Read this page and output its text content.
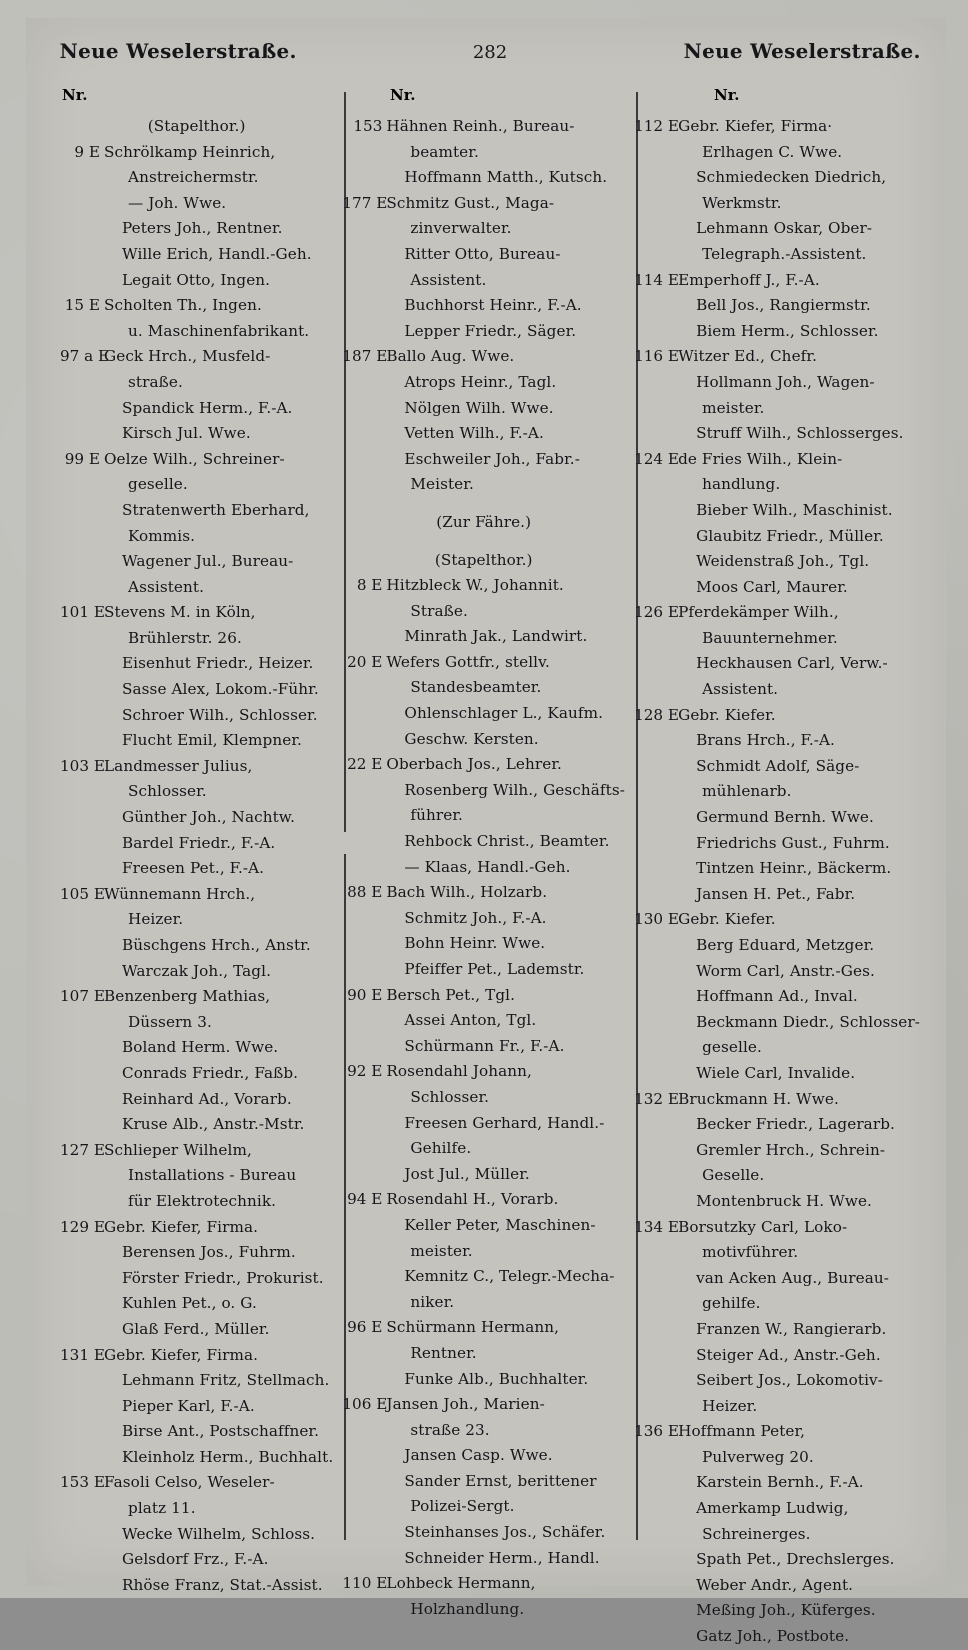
Neue Weselerstraße.	282	Neue Weselerstraße.
Nr.	Nr.	Nr.
(Stapelthor.)
9 E Schrölkamp Heinrich,
Anstreichermstr.
— Joh. Wwe.
Peters Joh., Rentner.
Wille Erich, Handl.-Geh.
Legait Otto, Ingen.
15 E Scholten Th., Ingen.
u. Maschinenfabrikant.
97 a E
Geck Hrch., Musfeld-
straße.
Spandick Herm., F.-A.
Kirsch Jul. Wwe.
99 E Oelze Wilh., Schreiner-
geselle.
Stratenwerth Eberhard,
Kommis.
Wagener Jul., Bureau-
Assistent.
101 E Stevens M. in Köln,
Brühlerstr. 26.
Eisenhut Friedr., Heizer.
Sasse Alex, Lokom.-Führ.
Schroer Wilh., Schlosser.
Flucht Emil, Klempner.
103 E Landmesser Julius,
Schlosser.
Günther Joh., Nachtw.
Bardel Friedr., F.-A.
Freesen Pet., F.-A.
105 E Wünnemann Hrch.,
Heizer.
Büschgens Hrch., Anstr.
Warczak Joh., Tagl.
107 E Benzenberg Mathias,
Düssern 3.
Boland Herm. Wwe.
Conrads Friedr., Faßb.
Reinhard Ad., Vorarb.
Kruse Alb., Anstr.-Mstr.
127 E Schlieper Wilhelm,
Installations - Bureau
für Elektrotechnik.
129 E Gebr. Kiefer, Firma.
Berensen Jos., Fuhrm.
Förster Friedr., Prokurist.
Kuhlen Pet., o. G.
Glaß Ferd., Müller.
131 E Gebr. Kiefer, Firma.
Lehmann Fritz, Stellmach.
Pieper Karl, F.-A.
Birse Ant., Postschaffner.
Kleinholz Herm., Buchhalt.
153 E Fasoli Celso, Weseler-
platz 11.
Wecke Wilhelm, Schloss.
Gelsdorf Frz., F.-A.
Rhöse Franz, Stat.-Assist.
153 Hähnen Reinh., Bureau-
beamter.
Hoffmann Matth., Kutsch.
177 E Schmitz Gust., Maga-
zinverwalter.
Ritter Otto, Bureau-
Assistent.
Buchhorst Heinr., F.-A.
Lepper Friedr., Säger.
187 E Ballo Aug. Wwe.
Atrops Heinr., Tagl.
Nölgen Wilh. Wwe.
Vetten Wilh., F.-A.
Eschweiler Joh., Fabr.-
Meister.
(Zur Fähre.)
(Stapelthor.)
8 E Hitzbleck W., Johannit.
Straße.
Minrath Jak., Landwirt.
20 E Wefers Gottfr., stellv.
Standesbeamter.
Ohlenschlager L., Kaufm.
Geschw. Kersten.
22 E Oberbach Jos., Lehrer.
Rosenberg Wilh., Geschäfts-
führer.
Rehbock Christ., Beamter.
— Klaas, Handl.-Geh.
88 E Bach Wilh., Holzarb.
Schmitz Joh., F.-A.
Bohn Heinr. Wwe.
Pfeiffer Pet., Lademstr.
90 E Bersch Pet., Tgl.
Assei Anton, Tgl.
Schürmann Fr., F.-A.
92 E Rosendahl Johann,
Schlosser.
Freesen Gerhard, Handl.-
Gehilfe.
Jost Jul., Müller.
94 E Rosendahl H., Vorarb.
Keller Peter, Maschinen-
meister.
Kemnitz C., Telegr.-Mecha-
niker.
96 E Schürmann Hermann,
Rentner.
Funke Alb., Buchhalter.
106 E Jansen Joh., Marien-
straße 23.
Jansen Casp. Wwe.
Sander Ernst, berittener
Polizei-Sergt.
Steinhanses Jos., Schäfer.
Schneider Herm., Handl.
110 E Lohbeck Hermann,
Holzhandlung.
112 E Gebr. Kiefer, Firma·
Erlhagen C. Wwe.
Schmiedecken Diedrich,
Werkmstr.
Lehmann Oskar, Ober-
Telegraph.-Assistent.
114 E Emperhoff J., F.-A.
Bell Jos., Rangiermstr.
Biem Herm., Schlosser.
116 E Witzer Ed., Chefr.
Hollmann Joh., Wagen-
meister.
Struff Wilh., Schlosserges.
124 E de Fries Wilh., Klein-
handlung.
Bieber Wilh., Maschinist.
Glaubitz Friedr., Müller.
Weidenstraß Joh., Tgl.
Moos Carl, Maurer.
126 E Pferdekämper Wilh.,
Bauunternehmer.
Heckhausen Carl, Verw.-
Assistent.
128 E Gebr. Kiefer.
Brans Hrch., F.-A.
Schmidt Adolf, Säge-
mühlenarb.
Germund Bernh. Wwe.
Friedrichs Gust., Fuhrm.
Tintzen Heinr., Bäckerm.
Jansen H. Pet., Fabr.
130 E Gebr. Kiefer.
Berg Eduard, Metzger.
Worm Carl, Anstr.-Ges.
Hoffmann Ad., Inval.
Beckmann Diedr., Schlosser-
geselle.
Wiele Carl, Invalide.
132 E Bruckmann H. Wwe.
Becker Friedr., Lagerarb.
Gremler Hrch., Schrein-
Geselle.
Montenbruck H. Wwe.
134 E Borsutzky Carl, Loko-
motivführer.
van Acken Aug., Bureau-
gehilfe.
Franzen W., Rangierarb.
Steiger Ad., Anstr.-Geh.
Seibert Jos., Lokomotiv-
Heizer.
136 E Hoffmann Peter,
Pulverweg 20.
Karstein Bernh., F.-A.
Amerkamp Ludwig,
Schreinerges.
Spath Pet., Drechslerges.
Weber Andr., Agent.
Meßing Joh., Küferges.
Gatz Joh., Postbote.
